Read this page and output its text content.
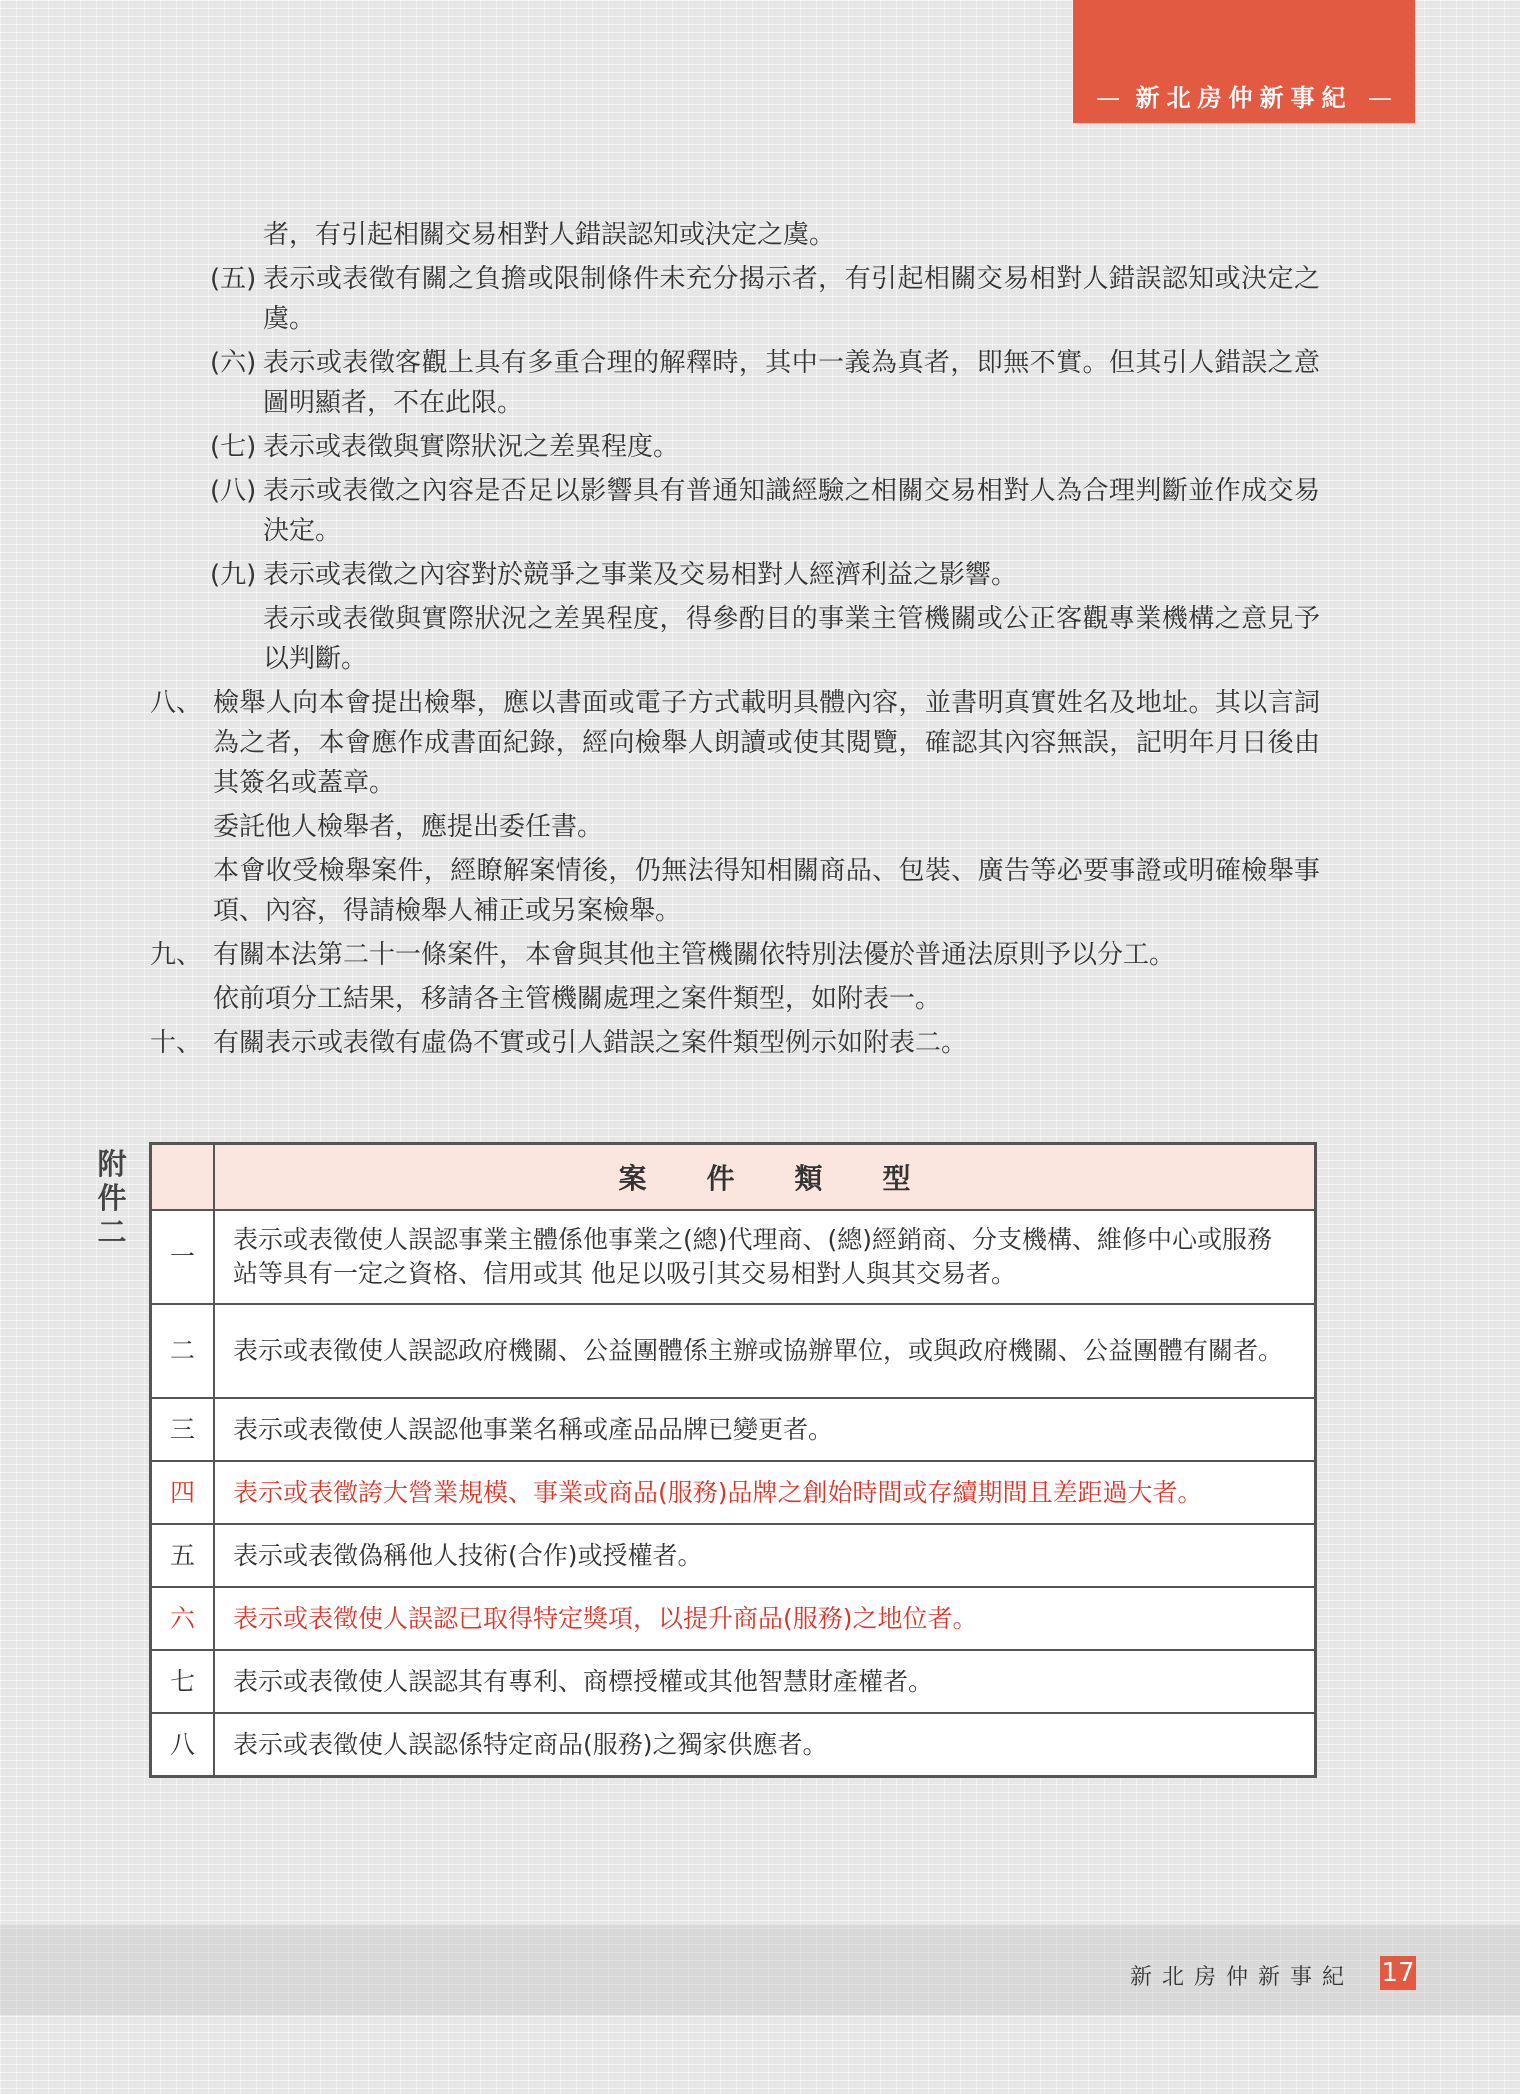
— 新北房仲新事紀 —
者，有引起相關交易相對人錯誤認知或決定之虞。
(五) 表示或表徵有關之負擔或限制條件未充分揭示者，有引起相關交易相對人錯誤認知或決定之虞。
(六) 表示或表徵客觀上具有多重合理的解釋時，其中一義為真者，即無不實。但其引人錯誤之意圖明顯者，不在此限。
(七) 表示或表徵與實際狀況之差異程度。
(八) 表示或表徵之內容是否足以影響具有普通知識經驗之相關交易相對人為合理判斷並作成交易決定。
(九) 表示或表徵之內容對於競爭之事業及交易相對人經濟利益之影響。
表示或表徵與實際狀況之差異程度，得參酌目的事業主管機關或公正客觀專業機構之意見予以判斷。
八、 檢舉人向本會提出檢舉，應以書面或電子方式載明具體內容，並書明真實姓名及地址。其以言詞為之者，本會應作成書面紀錄，經向檢舉人朗讀或使其閱覽，確認其內容無誤，記明年月日後由其簽名或蓋章。
委託他人檢舉者，應提出委任書。
本會收受檢舉案件，經瞭解案情後，仍無法得知相關商品、包裝、廣告等必要事證或明確檢舉事項、內容，得請檢舉人補正或另案檢舉。
九、 有關本法第二十一條案件，本會與其他主管機關依特別法優於普通法原則予以分工。
依前項分工結果，移請各主管機關處理之案件類型，如附表一。
十、 有關表示或表徵有虛偽不實或引人錯誤之案件類型例示如附表二。
附
件
二
	案件類型
一	表示或表徵使人誤認事業主體係他事業之(總)代理商、(總)經銷商、分支機構、維修中心或服務站等具有一定之資格、信用或其 他足以吸引其交易相對人與其交易者。
二	表示或表徵使人誤認政府機關、公益團體係主辦或協辦單位，或與政府機關、公益團體有關者。
三	表示或表徵使人誤認他事業名稱或產品品牌已變更者。
四	表示或表徵誇大營業規模、事業或商品(服務)品牌之創始時間或存續期間且差距過大者。
五	表示或表徵偽稱他人技術(合作)或授權者。
六	表示或表徵使人誤認已取得特定獎項，以提升商品(服務)之地位者。
七	表示或表徵使人誤認其有專利、商標授權或其他智慧財產權者。
八	表示或表徵使人誤認係特定商品(服務)之獨家供應者。
新北房仲新事紀 17
